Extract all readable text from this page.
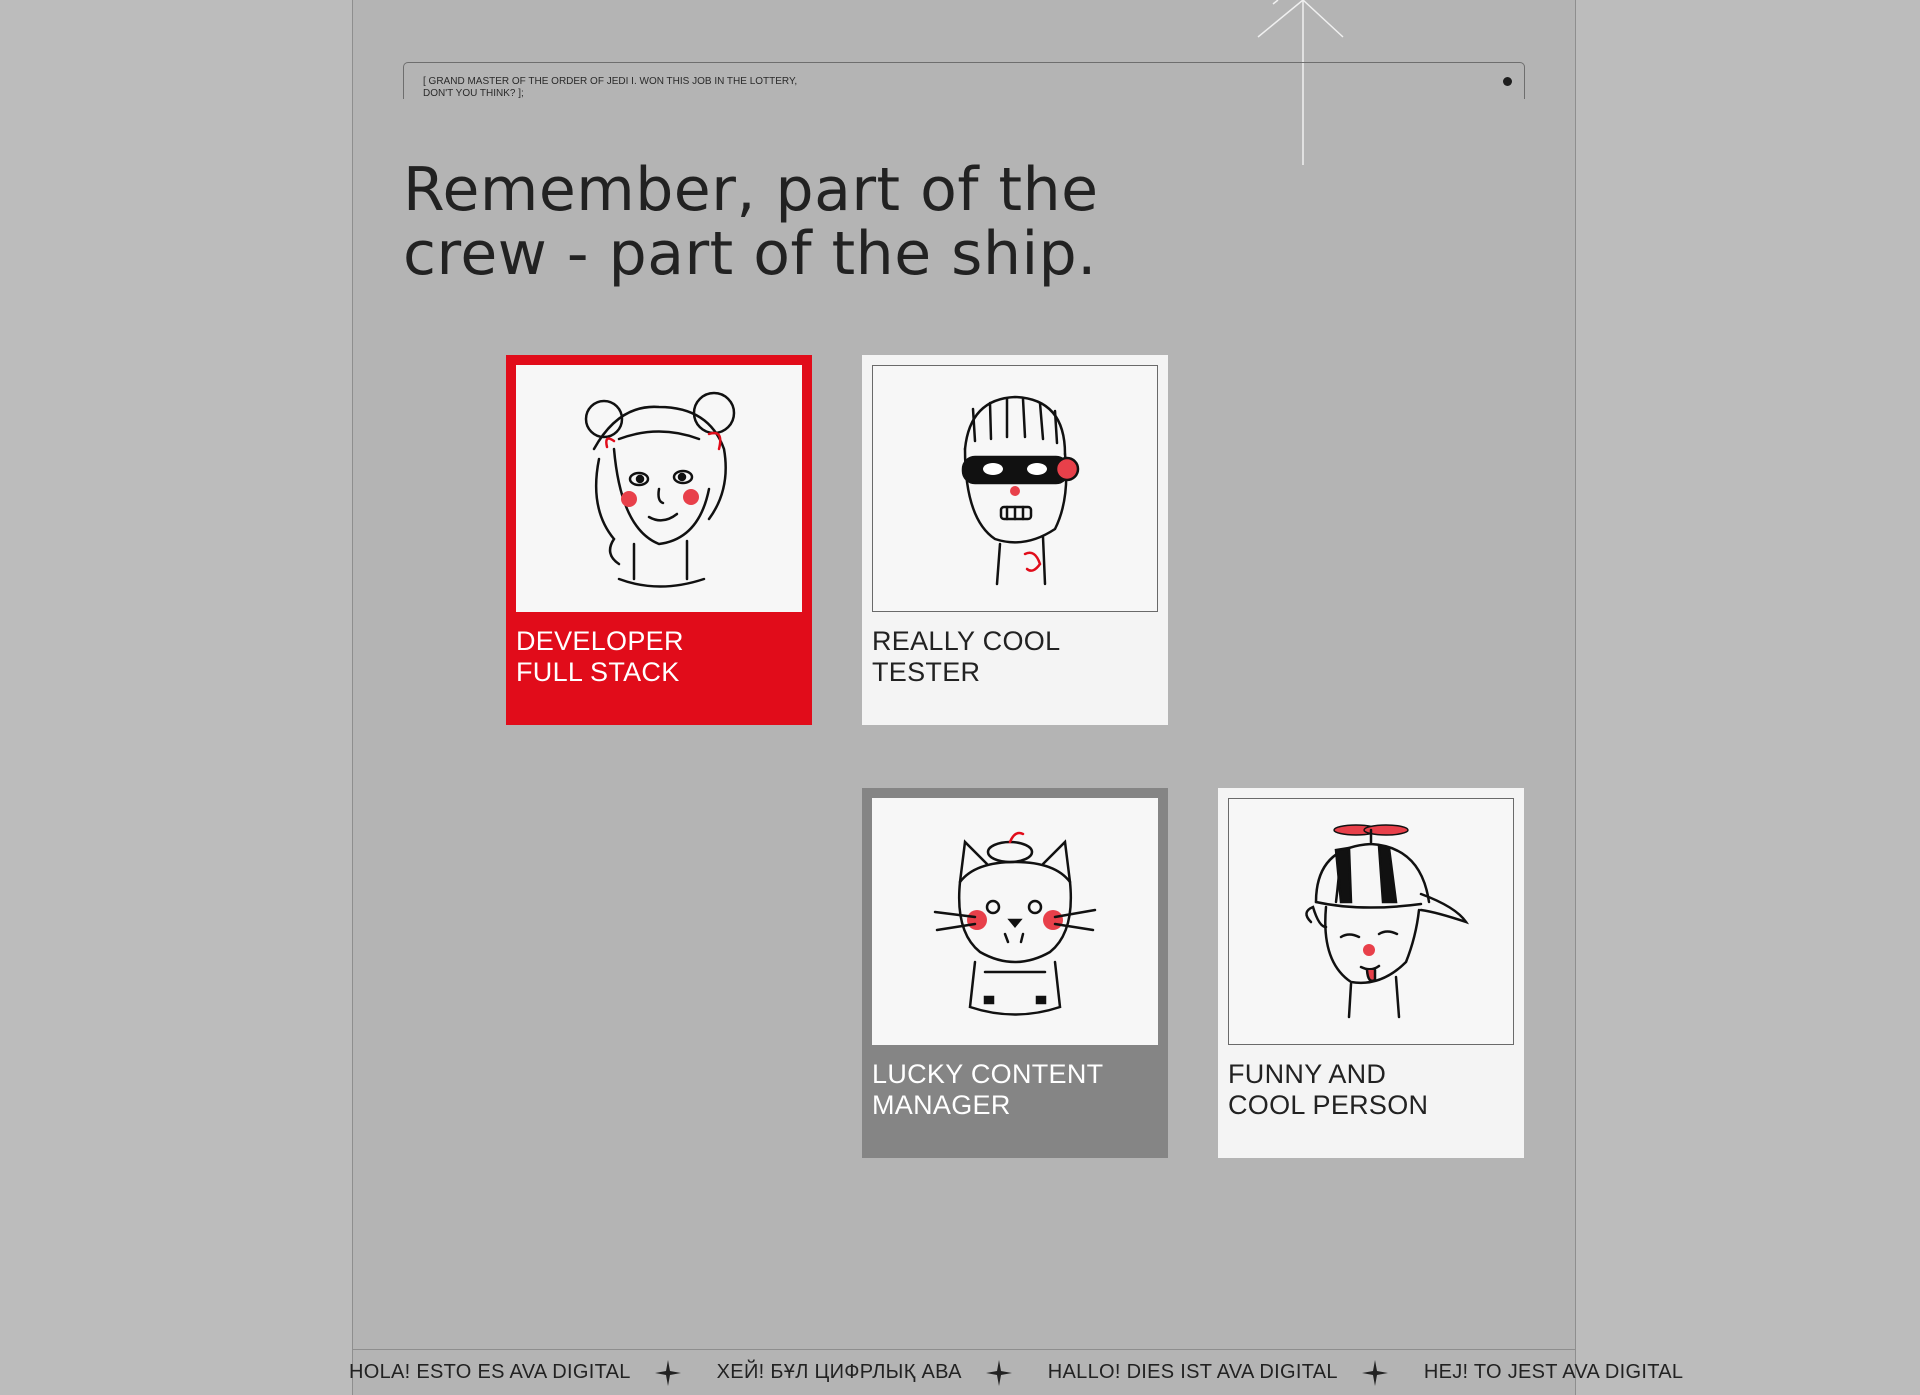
[ GRAND MASTER OF THE ORDER OF JEDI I. WON THIS JOB IN THE LOTTERY, DON'T YOU THINK? ];
Remember, part of the
crew - part of the ship.
DEVELOPER
FULL STACK
REALLY COOL
TESTER
LUCKY CONTENT
MANAGER
FUNNY AND
COOL PERSON
HOLA! ESTO ES AVA DIGITAL	ХЕЙ! БҰЛ ЦИФРЛЫҚ АВА	HALLO! DIES IST AVA DIGITAL	HEJ! TO JEST AVA DIGITAL
